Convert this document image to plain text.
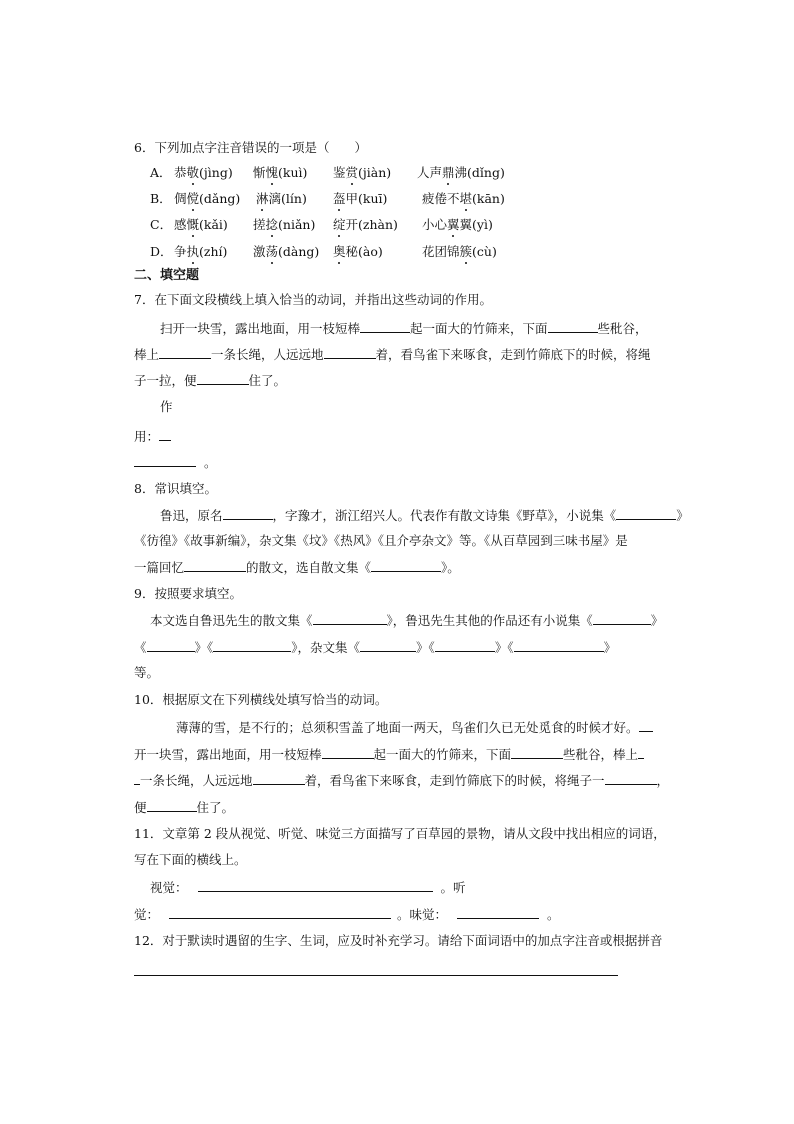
6．下列加点字注音错误的一项是（　　）
A． 恭敬(jìng) 惭愧(kuì) 鉴赏(jiàn) 人声鼎沸(dǐng)
B． 倜傥(dǎng) 淋漓(lín) 盔甲(kuī)	疲倦不堪(kān)
C． 感慨(kǎi) 搓捻(niǎn) 绽开(zhàn) 小心翼翼(yì)
D． 争执(zhí) 激荡(dàng) 奥秘(ào)	花团锦簇(cù)
二、填空题
7．在下面文段横线上填入恰当的动词，并指出这些动词的作用。
扫开一块雪，露出地面，用一枝短棒	起一面大的竹筛来，下面	些秕谷，
棒上	一条长绳，人远远地	着，看鸟雀下来啄食，走到竹筛底下的时候，将绳
子一拉，便	住了。
作
用：
。
8．常识填空。
鲁迅，原名	，字豫才，浙江绍兴人。代表作有散文诗集《野草》，小说集《	》
《彷徨》《故事新编》，杂文集《坟》《热风》《且介亭杂文》等。《从百草园到三味书屋》是
一篇回忆	的散文，选自散文集《	》。
9．按照要求填空。
本文选自鲁迅先生的散文集《	》，鲁迅先生其他的作品还有小说集《	》
《	》《	》，杂文集《	》《	》《	》
等。
10．根据原文在下列横线处填写恰当的动词。
薄薄的雪，是不行的；总须积雪盖了地面一两天，鸟雀们久已无处觅食的时候才好。
开一块雪，露出地面，用一枝短棒	起一面大的竹筛来，下面	些秕谷，棒上
一条长绳，人远远地	着，看鸟雀下来啄食，走到竹筛底下的时候，将绳子一	，
便	住了。
11．文章第 2 段从视觉、听觉、味觉三方面描写了百草园的景物，请从文段中找出相应的词语，
写在下面的横线上。
视觉：	。听
觉：	。味觉：	。
12．对于默读时遇留的生字、生词，应及时补充学习。请给下面词语中的加点字注音或根据拼音
